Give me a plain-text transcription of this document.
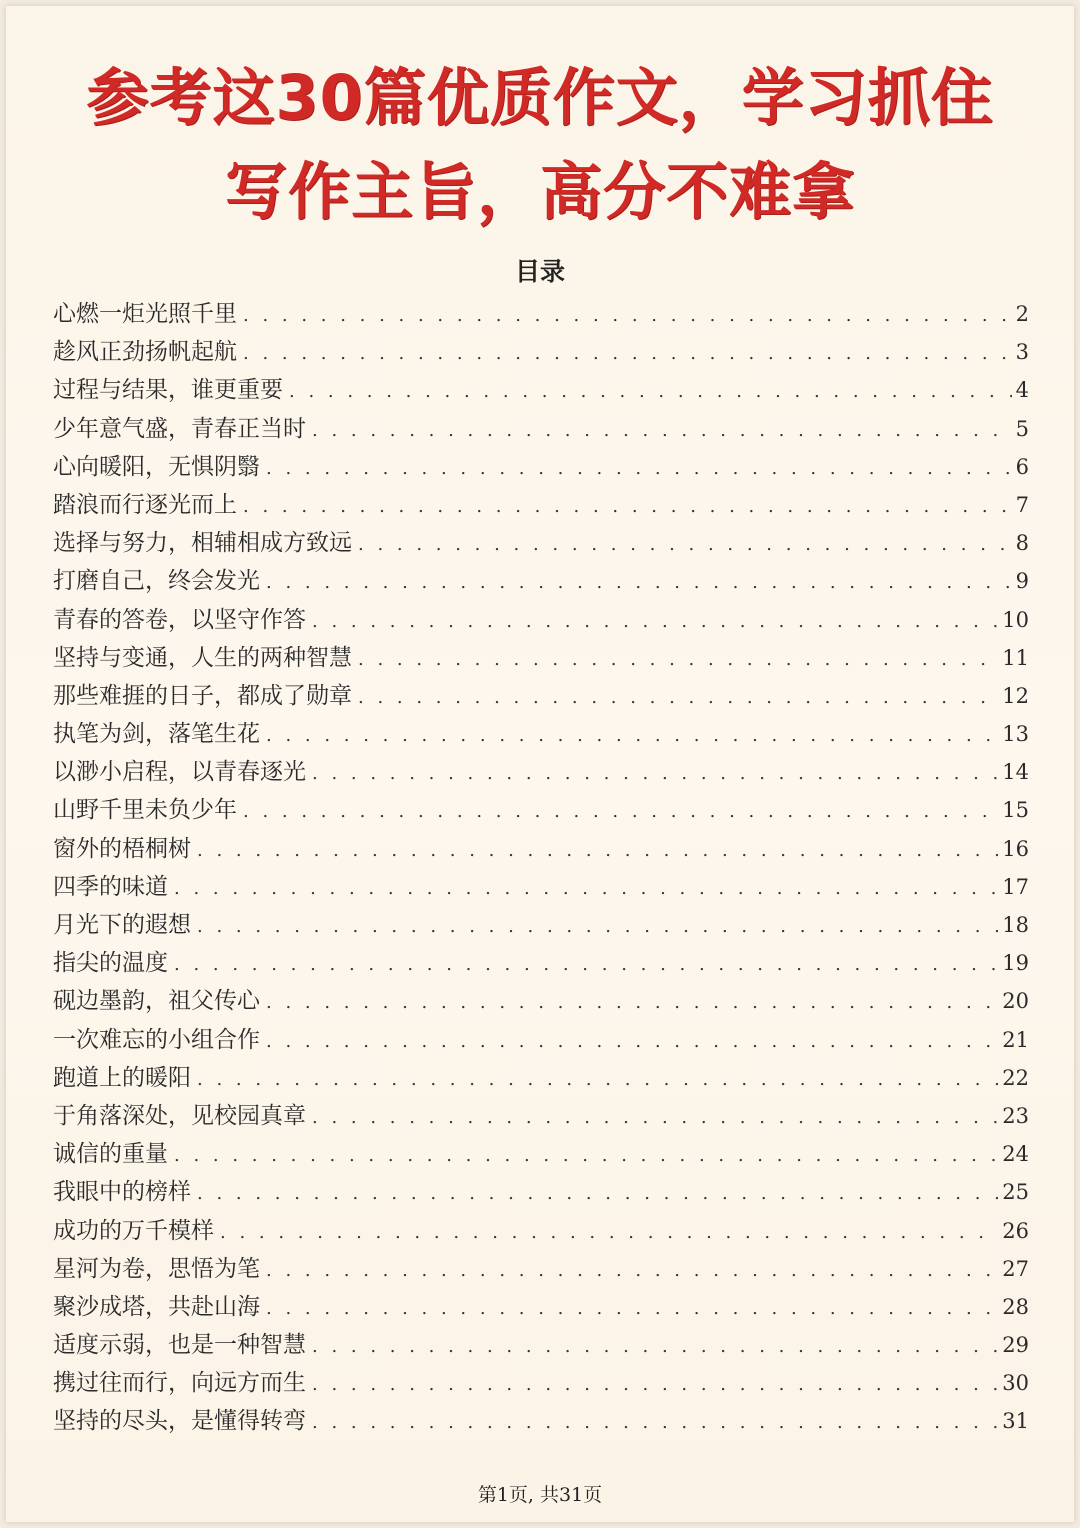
参考这30篇优质作文，学习抓住
写作主旨，高分不难拿
目录
心燃一炬光照千里 . . .	2
趁风正劲扬帆起航 . . .	3
过程与结果，谁更重要 . . .	4
少年意气盛，青春正当时 . . .	5
心向暖阳，无惧阴翳 . . .	6
踏浪而行逐光而上 . . .	7
选择与努力，相辅相成方致远 . . .	8
打磨自己，终会发光 . . .	9
青春的答卷，以坚守作答 . . .	10
坚持与变通，人生的两种智慧 . . .	11
那些难捱的日子，都成了勋章 . . .	12
执笔为剑，落笔生花 . . .	13
以渺小启程，以青春逐光 . . .	14
山野千里未负少年 . . .	15
窗外的梧桐树 . . .	16
四季的味道 . . .	17
月光下的遐想 . . .	18
指尖的温度 . . .	19
砚边墨韵，祖父传心 . . .	20
一次难忘的小组合作 . . .	21
跑道上的暖阳 . . .	22
于角落深处，见校园真章 . . .	23
诚信的重量 . . .	24
我眼中的榜样 . . .	25
成功的万千模样 . . .	26
星河为卷，思悟为笔 . . .	27
聚沙成塔，共赴山海 . . .	28
适度示弱，也是一种智慧 . . .	29
携过往而行，向远方而生 . . .	30
坚持的尽头，是懂得转弯 . . .	31
第1页, 共31页
